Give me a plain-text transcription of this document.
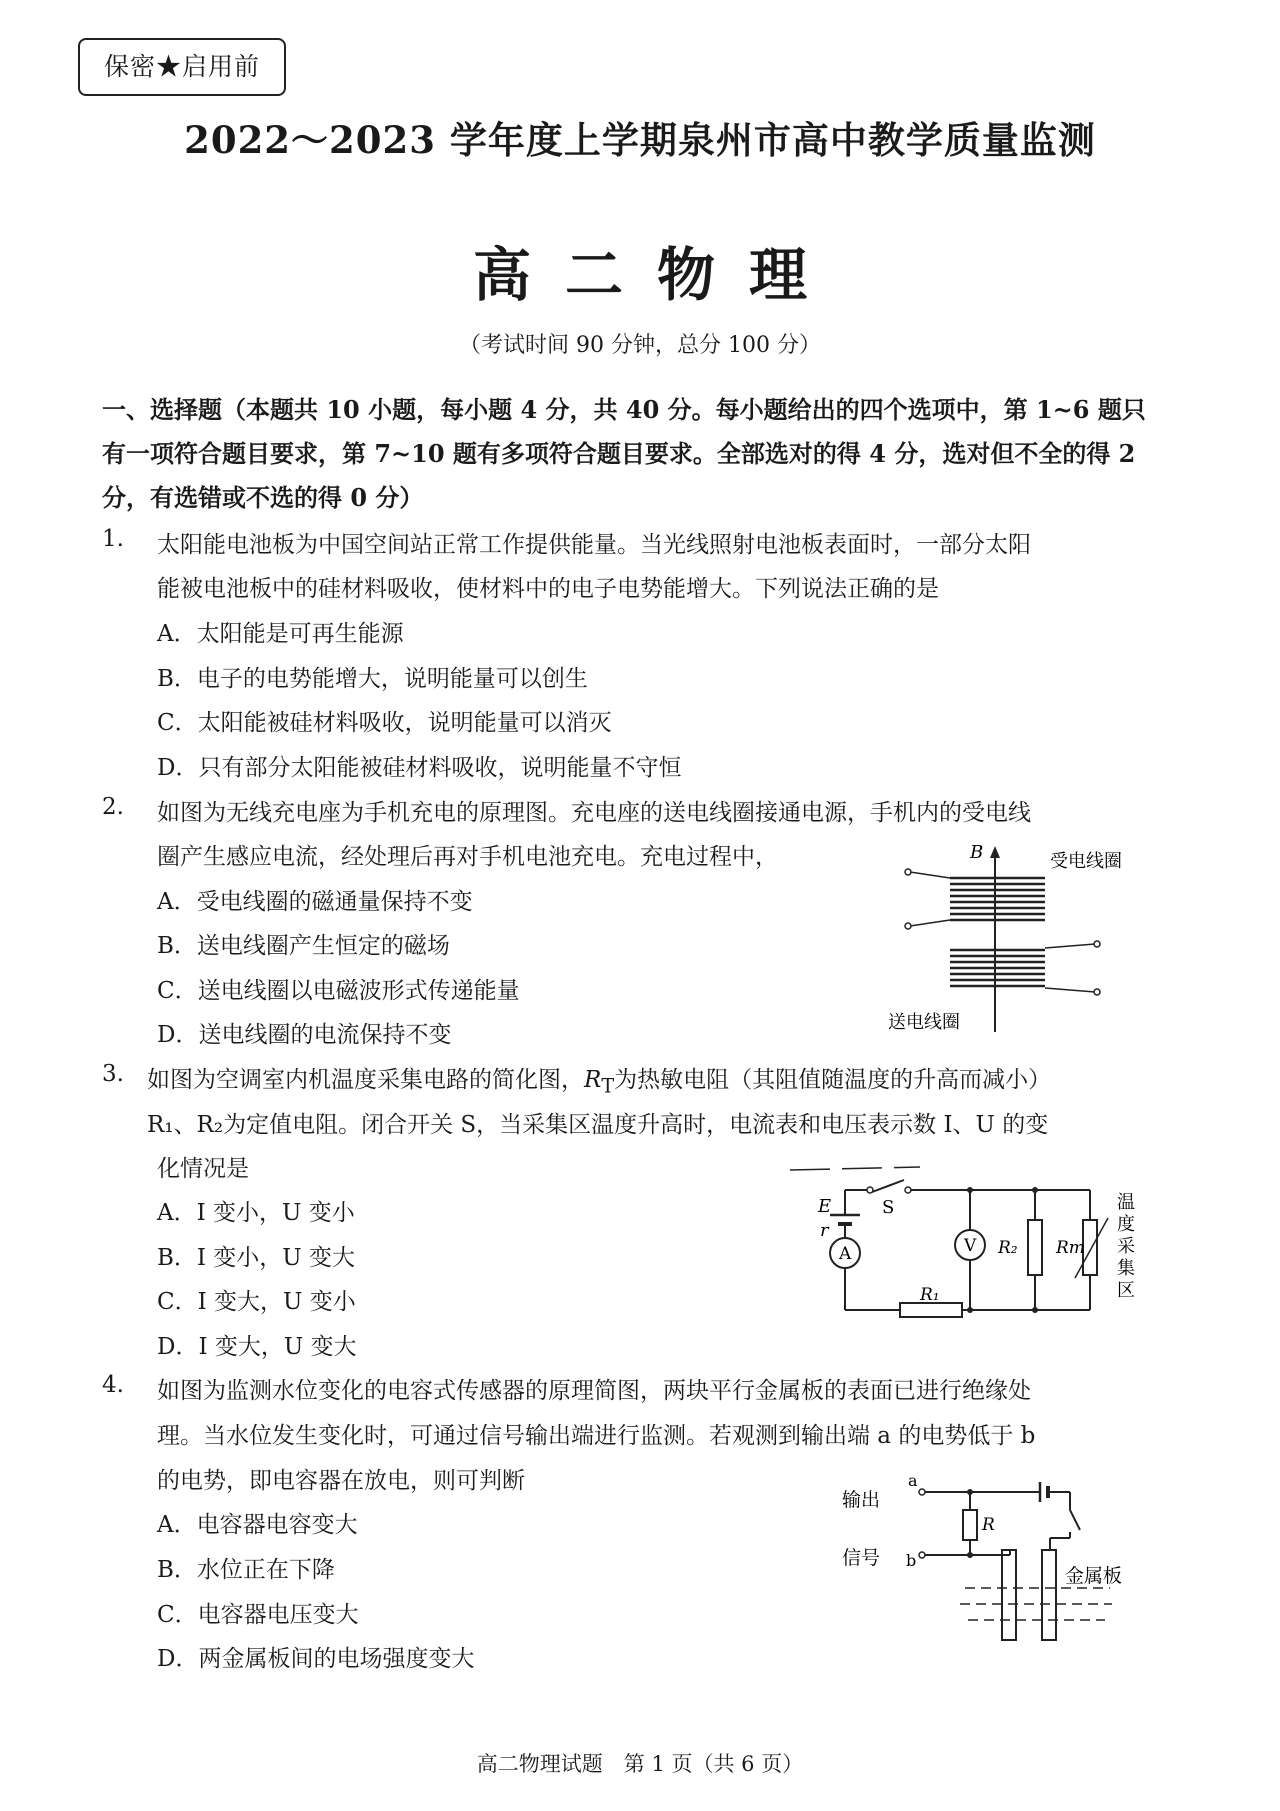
保密★启用前
2022～2023 学年度上学期泉州市高中教学质量监测
高二物理
（考试时间 90 分钟，总分 100 分）
一、选择题（本题共 10 小题，每小题 4 分，共 40 分。每小题给出的四个选项中，第 1~6 题只有一项符合题目要求，第 7~10 题有多项符合题目要求。全部选对的得 4 分，选对但不全的得 2 分，有选错或不选的得 0 分）
1. 太阳能电池板为中国空间站正常工作提供能量。当光线照射电池板表面时，一部分太阳
能被电池板中的硅材料吸收，使材料中的电子电势能增大。下列说法正确的是
A．太阳能是可再生能源
B．电子的电势能增大，说明能量可以创生
C．太阳能被硅材料吸收，说明能量可以消灭
D．只有部分太阳能被硅材料吸收，说明能量不守恒
2. 如图为无线充电座为手机充电的原理图。充电座的送电线圈接通电源，手机内的受电线
圈产生感应电流，经处理后再对手机电池充电。充电过程中，
A．受电线圈的磁通量保持不变
B．送电线圈产生恒定的磁场
C．送电线圈以电磁波形式传递能量
D．送电线圈的电流保持不变
B	受电线圈
送电线圈
3. 如图为空调室内机温度采集电路的简化图，$R_T$为热敏电阻（其阻值随温度的升高而减小）
R₁、R₂为定值电阻。闭合开关 S，当采集区温度升高时，电流表和电压表示数 I、U 的变
化情况是
A．I 变小，U 变小
B．I 变小，U 变大
C．I 变大，U 变小
D．I 变大，U 变大
E
r
S
V
A
R₁
R₂ Rт
温
度
采
集
区
4. 如图为监测水位变化的电容式传感器的原理简图，两块平行金属板的表面已进行绝缘处
理。当水位发生变化时，可通过信号输出端进行监测。若观测到输出端 a 的电势低于 b
的电势，即电容器在放电，则可判断
A．电容器电容变大
B．水位正在下降
C．电容器电压变大
D．两金属板间的电场强度变大
输出
信号
a
b
R
金属板
高二物理试题　第 1 页（共 6 页）
